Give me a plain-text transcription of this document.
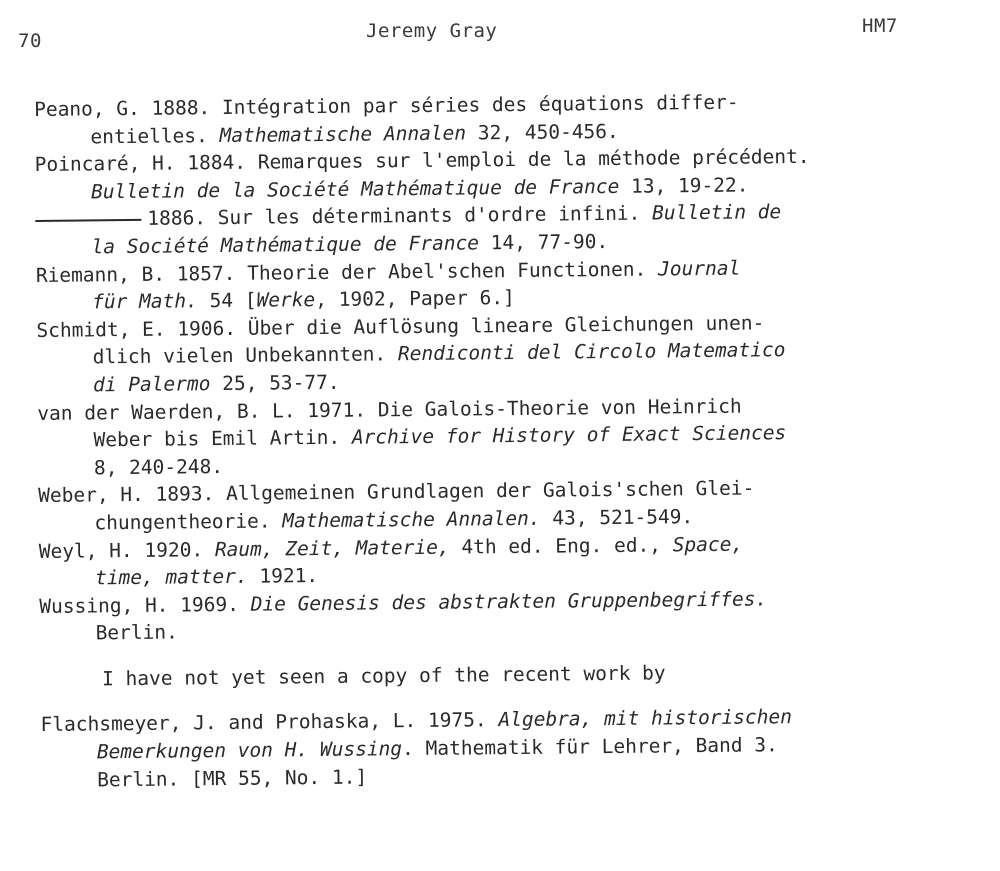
70	Jeremy Gray	HM7
Peano, G. 1888. Intégration par séries des équations differ-
entielles. Mathematische Annalen 32, 450-456.
Poincaré, H. 1884. Remarques sur l'emploi de la méthode précédent.
Bulletin de la Société Mathématique de France 13, 19-22.
1886. Sur les déterminants d'ordre infini. Bulletin de
la Société Mathématique de France 14, 77-90.
Riemann, B. 1857. Theorie der Abel'schen Functionen. Journal
für Math. 54 [Werke, 1902, Paper 6.]
Schmidt, E. 1906. Über die Auflösung lineare Gleichungen unen-
dlich vielen Unbekannten. Rendiconti del Circolo Matematico
di Palermo 25, 53-77.
van der Waerden, B. L. 1971. Die Galois-Theorie von Heinrich
Weber bis Emil Artin. Archive for History of Exact Sciences
8, 240-248.
Weber, H. 1893. Allgemeinen Grundlagen der Galois'schen Glei-
chungentheorie. Mathematische Annalen. 43, 521-549.
Weyl, H. 1920. Raum, Zeit, Materie, 4th ed. Eng. ed., Space,
time, matter. 1921.
Wussing, H. 1969. Die Genesis des abstrakten Gruppenbegriffes.
Berlin.
I have not yet seen a copy of the recent work by
Flachsmeyer, J. and Prohaska, L. 1975. Algebra, mit historischen
Bemerkungen von H. Wussing. Mathematik für Lehrer, Band 3.
Berlin. [MR 55, No. 1.]
